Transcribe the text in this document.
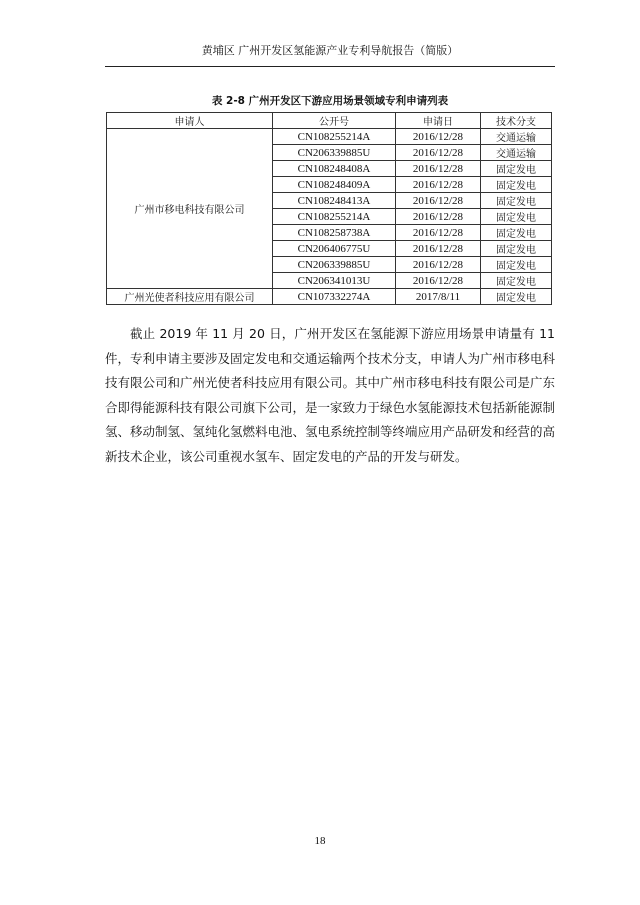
黄埔区 广州开发区氢能源产业专利导航报告（简版）
表 2-8 广州开发区下游应用场景领域专利申请列表
申请人	公开号	申请日	技术分支
广州市移电科技有限公司	CN108255214A	2016/12/28	交通运输
	CN206339885U	2016/12/28	交通运输
	CN108248408A	2016/12/28	固定发电
	CN108248409A	2016/12/28	固定发电
	CN108248413A	2016/12/28	固定发电
	CN108255214A	2016/12/28	固定发电
	CN108258738A	2016/12/28	固定发电
	CN206406775U	2016/12/28	固定发电
	CN206339885U	2016/12/28	固定发电
	CN206341013U	2016/12/28	固定发电
广州光使者科技应用有限公司	CN107332274A	2017/8/11	固定发电

截止 2019 年 11 月 20 日，广州开发区在氢能源下游应用场景申请量有 11 件，专利申请主要涉及固定发电和交通运输两个技术分支，申请人为广州市移电科技有限公司和广州光使者科技应用有限公司。其中广州市移电科技有限公司是广东合即得能源科技有限公司旗下公司，是一家致力于绿色水氢能源技术包括新能源制氢、移动制氢、氢纯化氢燃料电池、氢电系统控制等终端应用产品研发和经营的高新技术企业，该公司重视水氢车、固定发电的产品的开发与研发。

18
